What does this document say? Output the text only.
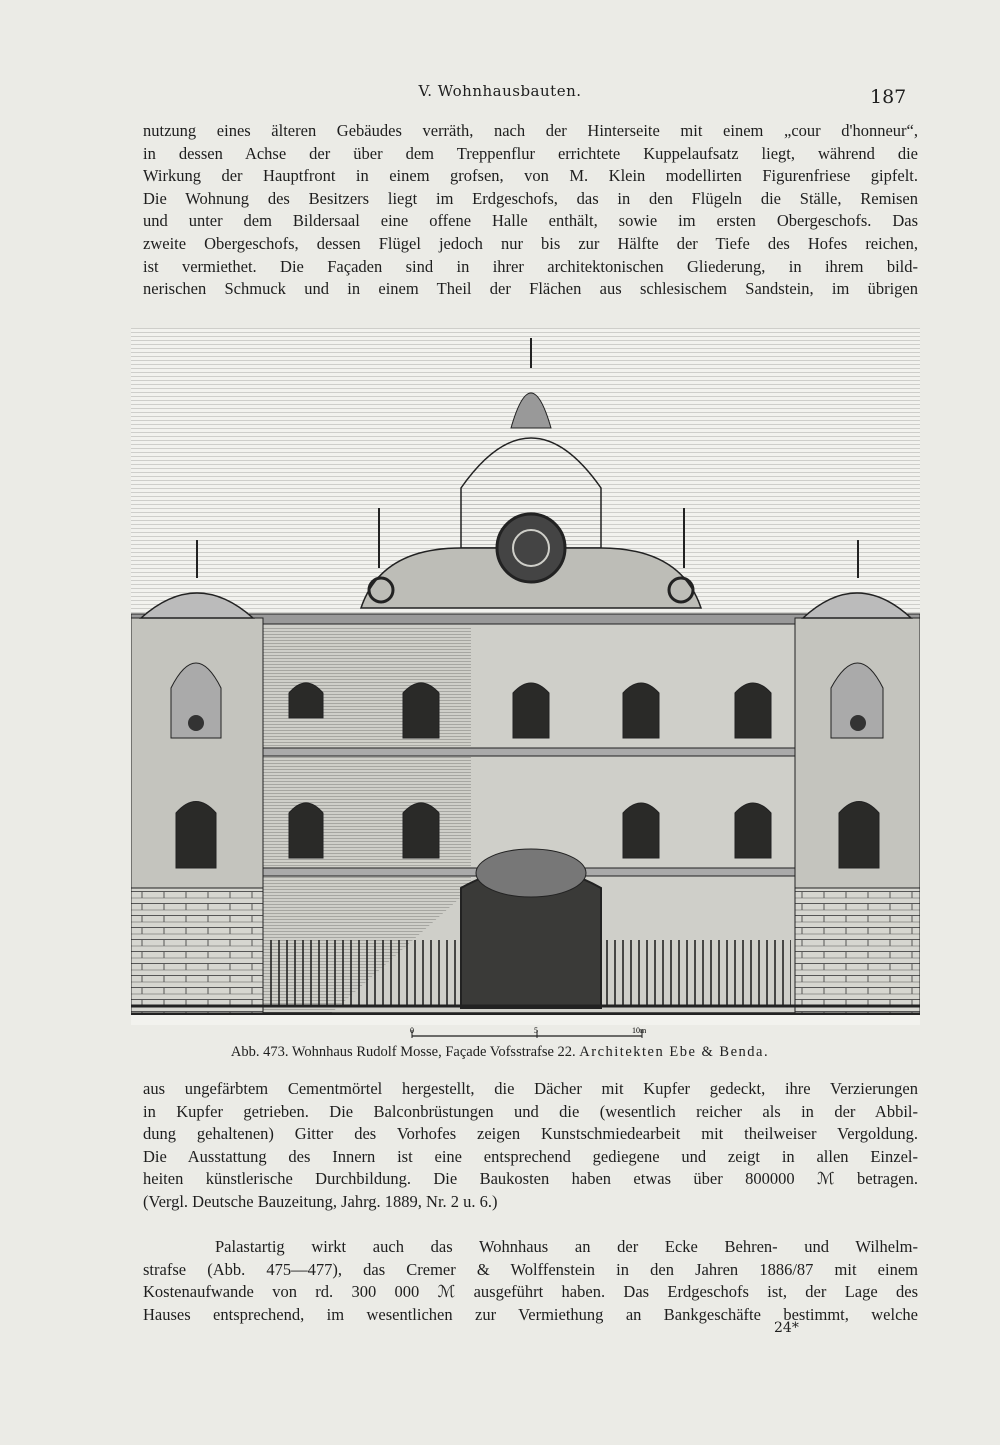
V. Wohnhausbauten.	187
nutzung eines älteren Gebäudes verräth, nach der Hinterseite mit einem „cour d'honneur“,
in dessen Achse der über dem Treppenflur errichtete Kuppelaufsatz liegt, während die
Wirkung der Hauptfront in einem grofsen, von M. Klein modellirten Figurenfriese gipfelt.
Die Wohnung des Besitzers liegt im Erdgeschofs, das in den Flügeln die Ställe, Remisen
und unter dem Bildersaal eine offene Halle enthält, sowie im ersten Obergeschofs. Das
zweite Obergeschofs, dessen Flügel jedoch nur bis zur Hälfte der Tiefe des Hofes reichen,
ist vermiethet. Die Façaden sind in ihrer architektonischen Gliederung, in ihrem bild-
nerischen Schmuck und in einem Theil der Flächen aus schlesischem Sandstein, im übrigen
0	5	10m
Abb. 473. Wohnhaus Rudolf Mosse, Façade Vofsstrafse 22. Architekten Ebe & Benda.
aus ungefärbtem Cementmörtel hergestellt, die Dächer mit Kupfer gedeckt, ihre Verzierungen
in Kupfer getrieben. Die Balconbrüstungen und die (wesentlich reicher als in der Abbil-
dung gehaltenen) Gitter des Vorhofes zeigen Kunstschmiedearbeit mit theilweiser Vergoldung.
Die Ausstattung des Innern ist eine entsprechend gediegene und zeigt in allen Einzel-
heiten künstlerische Durchbildung. Die Baukosten haben etwas über 800000 ℳ betragen.
(Vergl. Deutsche Bauzeitung, Jahrg. 1889, Nr. 2 u. 6.)
Palastartig wirkt auch das Wohnhaus an der Ecke Behren- und Wilhelm-
strafse (Abb. 475—477), das Cremer & Wolffenstein in den Jahren 1886/87 mit einem
Kostenaufwande von rd. 300 000 ℳ ausgeführt haben. Das Erdgeschofs ist, der Lage des
Hauses entsprechend, im wesentlichen zur Vermiethung an Bankgeschäfte bestimmt, welche
24*
